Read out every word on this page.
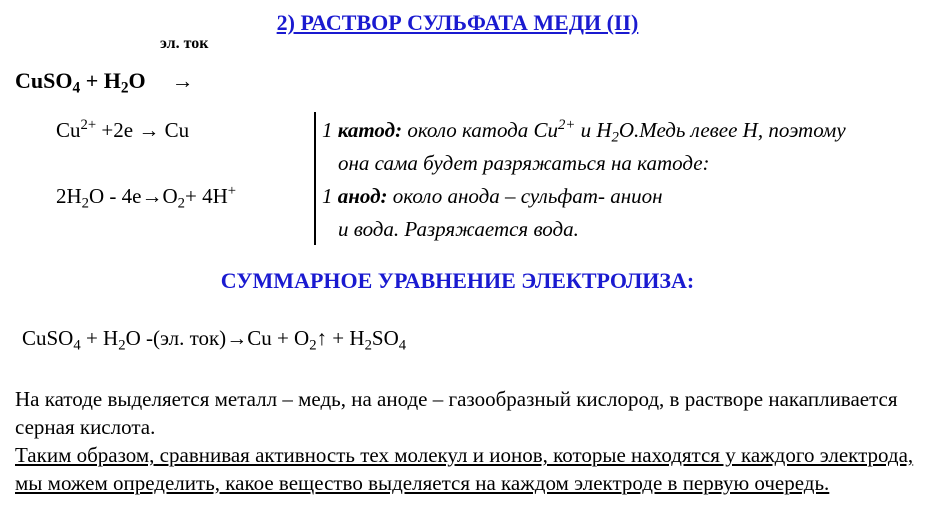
2) РАСТВОР СУЛЬФАТА МЕДИ (II)
эл. ток
CuSO$_4$ + $H_2O$ →
$Cu^{2+} +2e \to Cu$
$2H_2O - 4e\to O_2+ 4H^+$
1 катод: около катода $Cu^{2+}$ и $H_2O.Медь$ левее H, поэтому
она сама будет разряжаться на катоде:
1 анод: около анода – сульфат- анион
и вода. Разряжается вода.
СУММАРНОЕ УРАВНЕНИЕ ЭЛЕКТРОЛИЗА:
CuSO$_4$ + $H_2O$ -(эл. $ток)\to Cu + O_2↑ + H_2SO_4$
На катоде выделяется металл – медь, на аноде – газообразный кислород, в растворе накапливается серная кислота.
Таким образом, сравнивая активность тех молекул и ионов, которые находятся у каждого электрода, мы можем определить, какое вещество выделяется на каждом электроде в первую очередь.
